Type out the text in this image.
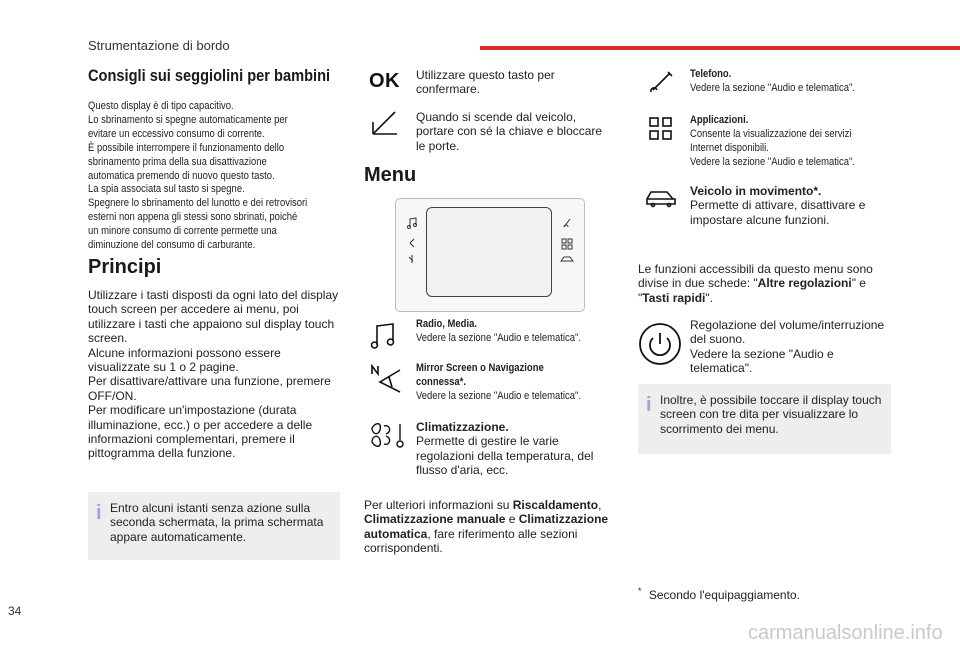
Strumentazione di bordo
Consigli sui seggiolini per bambini
Questo display è di tipo capacitivo.
Lo sbrinamento si spegne automaticamente per
evitare un eccessivo consumo di corrente.
È possibile interrompere il funzionamento dello
sbrinamento prima della sua disattivazione
automatica premendo di nuovo questo tasto.
La spia associata sul tasto si spegne.
Spegnere lo sbrinamento del lunotto e dei retrovisori
esterni non appena gli stessi sono sbrinati, poiché
un minore consumo di corrente permette una
diminuzione del consumo di carburante.
Principi
Utilizzare i tasti disposti da ogni lato del display
touch screen per accedere ai menu, poi
utilizzare i tasti che appaiono sul display touch
screen.
Alcune informazioni possono essere
visualizzate su 1 o 2 pagine.
Per disattivare/attivare una funzione, premere
OFF/ON.
Per modificare un'impostazione (durata
illuminazione, ecc.) o per accedere a delle
informazioni complementari, premere il
pittogramma della funzione.
i Entro alcuni istanti senza azione sulla
seconda schermata, la prima schermata
appare automaticamente.
OK Utilizzare questo tasto per
confermare.
Quando si scende dal veicolo,
portare con sé la chiave e bloccare
le porte.
Menu
Radio, Media.
Vedere la sezione "Audio e telematica".
Mirror Screen o Navigazione
connessa*.
Vedere la sezione "Audio e telematica".
Climatizzazione.
Permette di gestire le varie
regolazioni della temperatura, del
flusso d'aria, ecc.
Per ulteriori informazioni su Riscaldamento,
Climatizzazione manuale e Climatizzazione
automatica, fare riferimento alle sezioni
corrispondenti.
Telefono.
Vedere la sezione "Audio e telematica".
Applicazioni.
Consente la visualizzazione dei servizi
Internet disponibili.
Vedere la sezione "Audio e telematica".
Veicolo in movimento*.
Permette di attivare, disattivare e
impostare alcune funzioni.
Le funzioni accessibili da questo menu sono
divise in due schede: "Altre regolazioni" e
"Tasti rapidi".
Regolazione del volume/interruzione
del suono.
Vedere la sezione "Audio e
telematica".
i Inoltre, è possibile toccare il display touch
screen con tre dita per visualizzare lo
scorrimento dei menu.
* Secondo l'equipaggiamento.
34
carmanualsonline.info
